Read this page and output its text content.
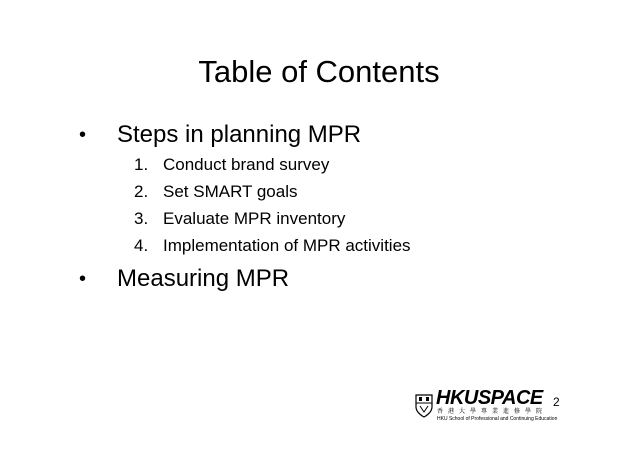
Table of Contents
• Steps in planning MPR
1. Conduct brand survey
2. Set SMART goals
3. Evaluate MPR inventory
4. Implementation of MPR activities
• Measuring MPR
HKUSPACE
香港大學專業進修學院
HKU School of Professional and Continuing Education
2
